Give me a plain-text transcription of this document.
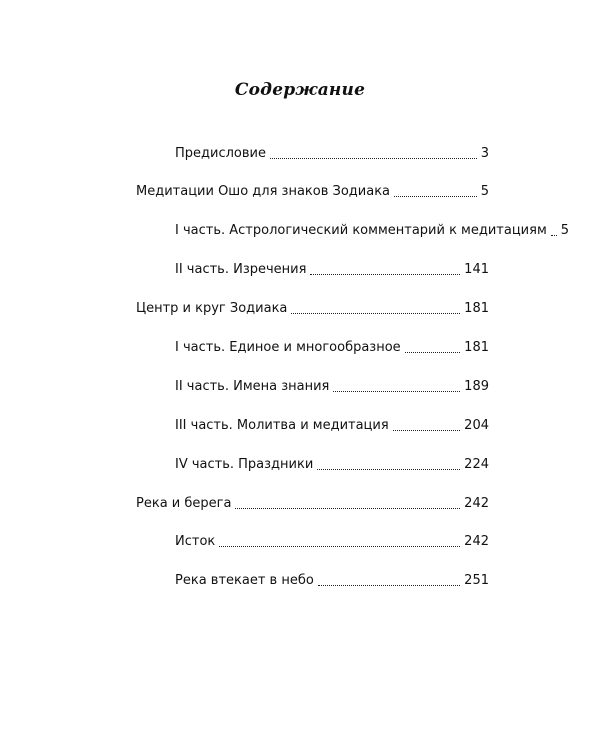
Содержание
Предисловие	3
Медитации Ошо для знаков Зодиака	5
I часть. Астрологический комментарий к медитациям 5
II часть. Изречения	141
Центр и круг Зодиака	181
I часть. Единое и многообразное	181
II часть. Имена знания	189
III часть. Молитва и медитация	204
IV часть. Праздники	224
Река и берега	242
Исток	242
Река втекает в небо	251
